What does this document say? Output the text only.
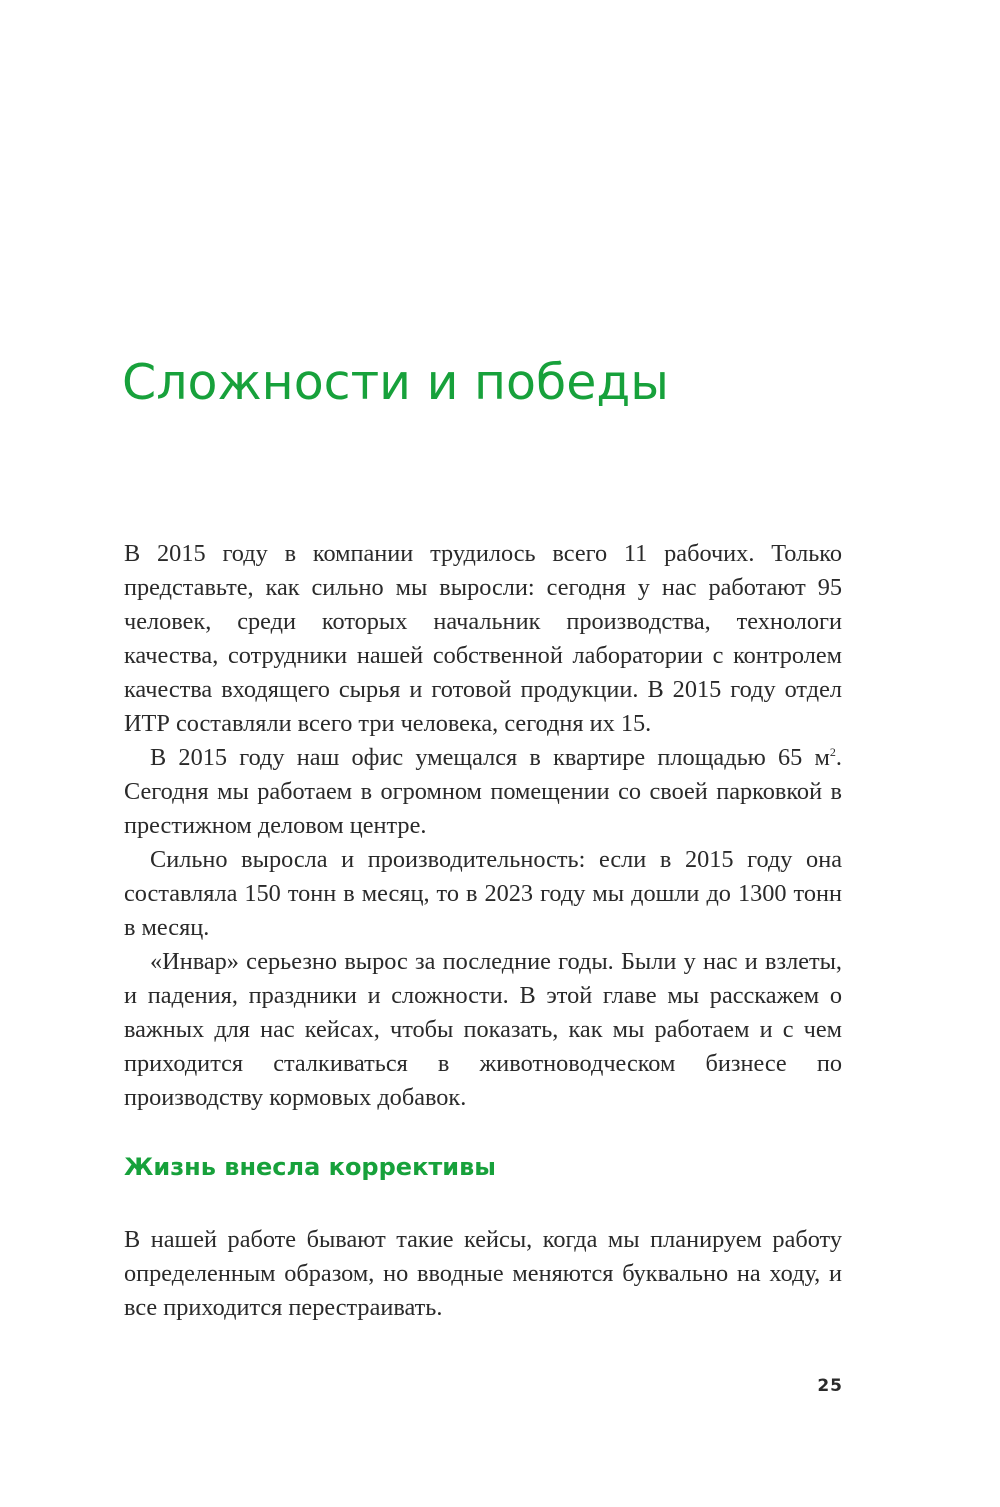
Сложности и победы

В 2015 году в компании трудилось всего 11 рабочих. Только представьте, как сильно мы выросли: сегодня у нас работают 95 человек, среди которых начальник производства, технологи качества, сотрудники нашей собственной лаборатории с контролем качества входящего сырья и готовой продукции. В 2015 году отдел ИТР составляли всего три человека, сегодня их 15.

В 2015 году наш офис умещался в квартире площадью 65 $м^2$. Сегодня мы работаем в огромном помещении со своей парковкой в престижном деловом центре.

Сильно выросла и производительность: если в 2015 году она составляла 150 тонн в месяц, то в 2023 году мы дошли до 1300 тонн в месяц.

«Инвар» серьезно вырос за последние годы. Были у нас и взлеты, и падения, праздники и сложности. В этой главе мы расскажем о важных для нас кейсах, чтобы показать, как мы работаем и с чем приходится сталкиваться в животноводческом бизнесе по производству кормовых добавок.

Жизнь внесла коррективы

В нашей работе бывают такие кейсы, когда мы планируем работу определенным образом, но вводные меняются буквально на ходу, и все приходится перестраивать.

25
